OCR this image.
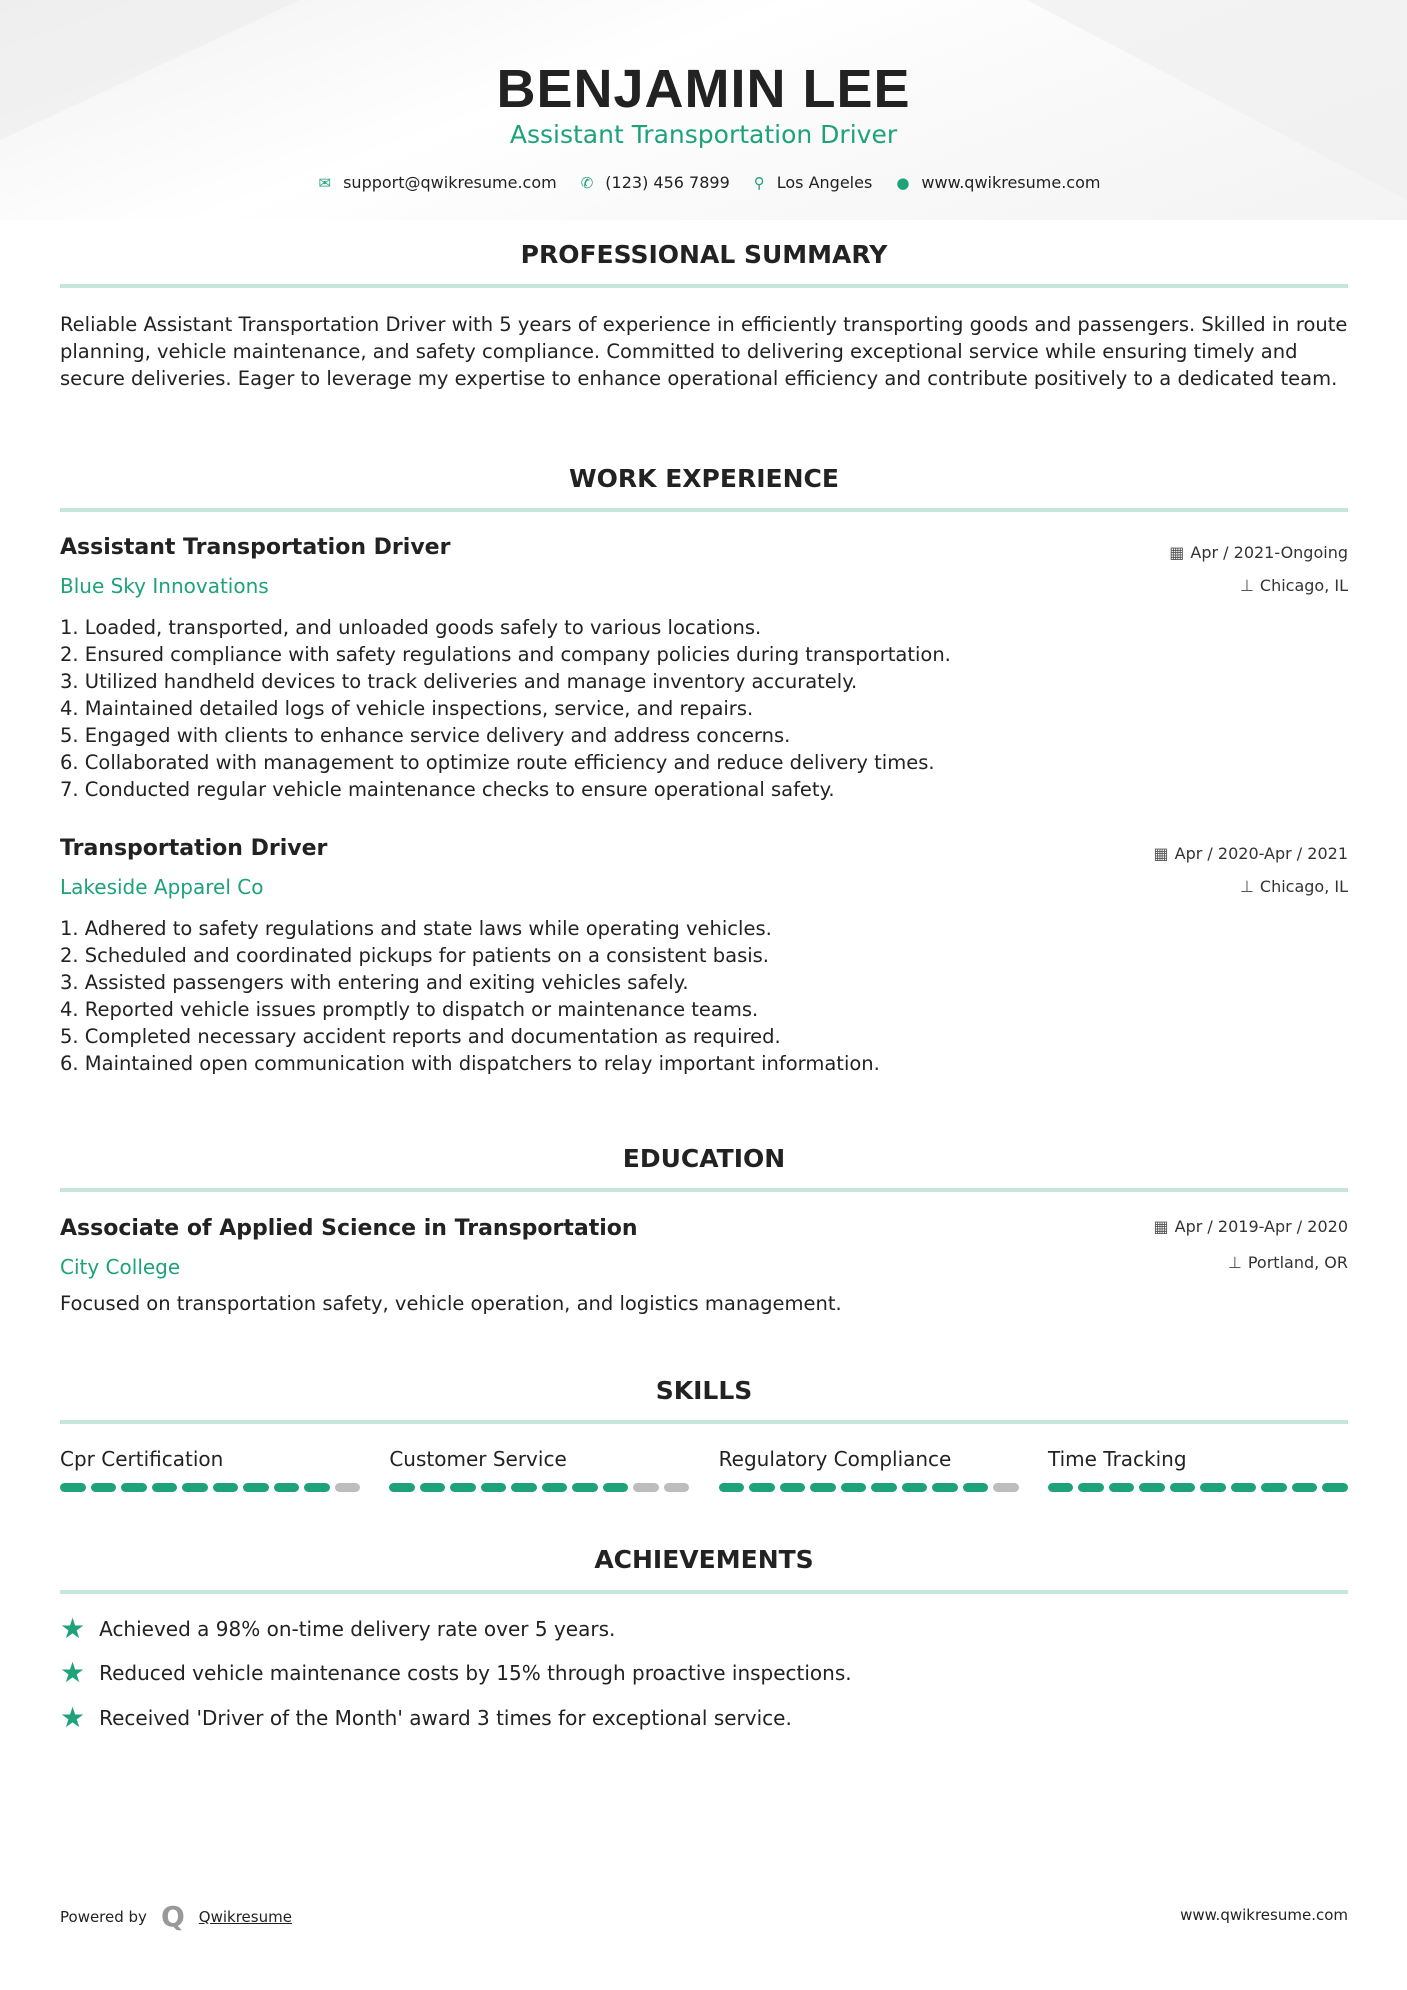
BENJAMIN LEE
Assistant Transportation Driver
✉ support@qwikresume.com ✆ (123) 456 7899 ⚲ Los Angeles ● www.qwikresume.com
PROFESSIONAL SUMMARY
Reliable Assistant Transportation Driver with 5 years of experience in efficiently transporting goods and passengers. Skilled in route planning, vehicle maintenance, and safety compliance. Committed to delivering exceptional service while ensuring timely and secure deliveries. Eager to leverage my expertise to enhance operational efficiency and contribute positively to a dedicated team.
WORK EXPERIENCE
Assistant Transportation Driver
Blue Sky Innovations
▦ Apr / 2021-Ongoing
⊥ Chicago, IL
1. Loaded, transported, and unloaded goods safely to various locations.
2. Ensured compliance with safety regulations and company policies during transportation.
3. Utilized handheld devices to track deliveries and manage inventory accurately.
4. Maintained detailed logs of vehicle inspections, service, and repairs.
5. Engaged with clients to enhance service delivery and address concerns.
6. Collaborated with management to optimize route efficiency and reduce delivery times.
7. Conducted regular vehicle maintenance checks to ensure operational safety.
Transportation Driver
Lakeside Apparel Co
▦ Apr / 2020-Apr / 2021
⊥ Chicago, IL
1. Adhered to safety regulations and state laws while operating vehicles.
2. Scheduled and coordinated pickups for patients on a consistent basis.
3. Assisted passengers with entering and exiting vehicles safely.
4. Reported vehicle issues promptly to dispatch or maintenance teams.
5. Completed necessary accident reports and documentation as required.
6. Maintained open communication with dispatchers to relay important information.
EDUCATION
Associate of Applied Science in Transportation
City College
▦ Apr / 2019-Apr / 2020
⊥ Portland, OR
Focused on transportation safety, vehicle operation, and logistics management.
SKILLS
Cpr Certification	Customer Service	Regulatory Compliance	Time Tracking
ACHIEVEMENTS
★ Achieved a 98% on-time delivery rate over 5 years.
★ Reduced vehicle maintenance costs by 15% through proactive inspections.
★ Received 'Driver of the Month' award 3 times for exceptional service.
Powered by Q Qwikresume	www.qwikresume.com
